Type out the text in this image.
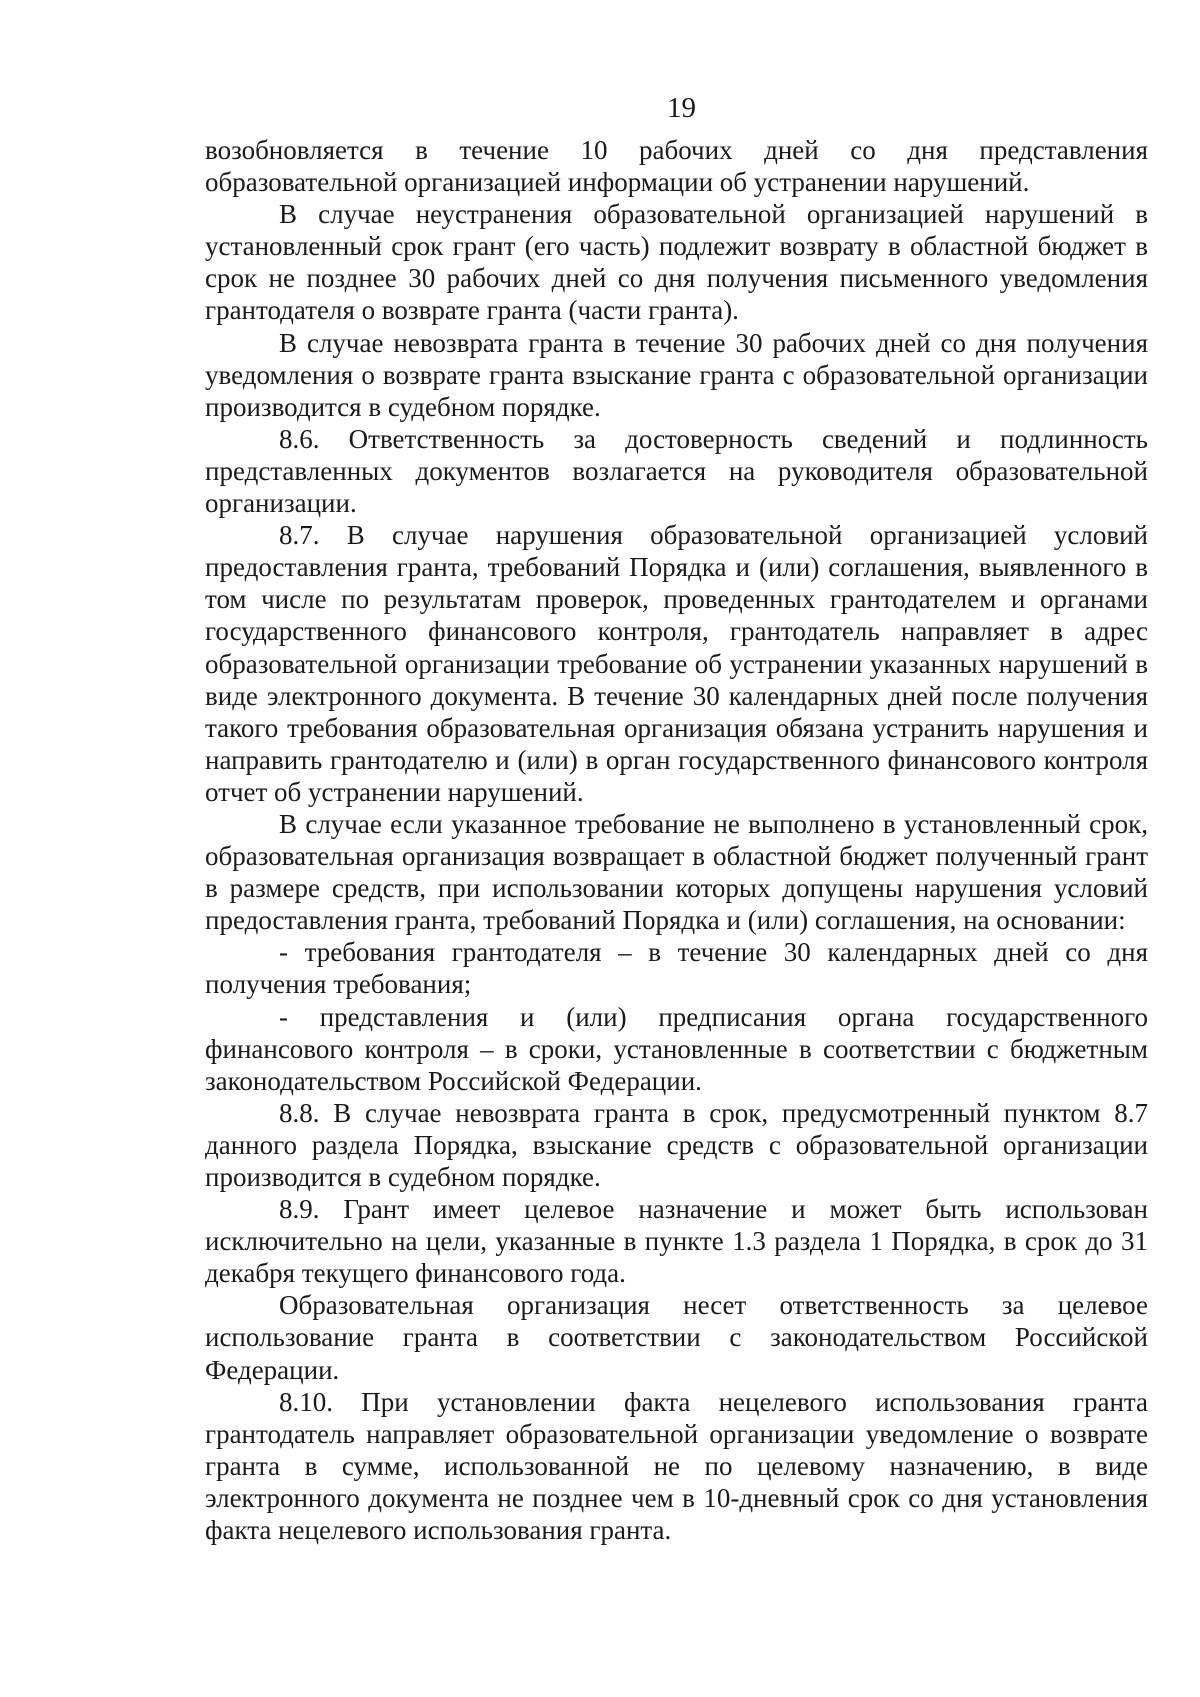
19

возобновляется в течение 10 рабочих дней со дня представления образовательной организацией информации об устранении нарушений.

В случае неустранения образовательной организацией нарушений в установленный срок грант (его часть) подлежит возврату в областной бюджет в срок не позднее 30 рабочих дней со дня получения письменного уведомления грантодателя о возврате гранта (части гранта).

В случае невозврата гранта в течение 30 рабочих дней со дня получения уведомления о возврате гранта взыскание гранта с образовательной организации производится в судебном порядке.

8.6. Ответственность за достоверность сведений и подлинность представленных документов возлагается на руководителя образовательной организации.

8.7. В случае нарушения образовательной организацией условий предоставления гранта, требований Порядка и (или) соглашения, выявленного в том числе по результатам проверок, проведенных грантодателем и органами государственного финансового контроля, грантодатель направляет в адрес образовательной организации требование об устранении указанных нарушений в виде электронного документа. В течение 30 календарных дней после получения такого требования образовательная организация обязана устранить нарушения и направить грантодателю и (или) в орган государственного финансового контроля отчет об устранении нарушений.

В случае если указанное требование не выполнено в установленный срок, образовательная организация возвращает в областной бюджет полученный грант в размере средств, при использовании которых допущены нарушения условий предоставления гранта, требований Порядка и (или) соглашения, на основании:

- требования грантодателя – в течение 30 календарных дней со дня получения требования;

- представления и (или) предписания органа государственного финансового контроля – в сроки, установленные в соответствии с бюджетным законодательством Российской Федерации.

8.8. В случае невозврата гранта в срок, предусмотренный пунктом 8.7 данного раздела Порядка, взыскание средств с образовательной организации производится в судебном порядке.

8.9. Грант имеет целевое назначение и может быть использован исключительно на цели, указанные в пункте 1.3 раздела 1 Порядка, в срок до 31 декабря текущего финансового года.

Образовательная организация несет ответственность за целевое использование гранта в соответствии с законодательством Российской Федерации.

8.10. При установлении факта нецелевого использования гранта грантодатель направляет образовательной организации уведомление о возврате гранта в сумме, использованной не по целевому назначению, в виде электронного документа не позднее чем в 10-дневный срок со дня установления факта нецелевого использования гранта.
